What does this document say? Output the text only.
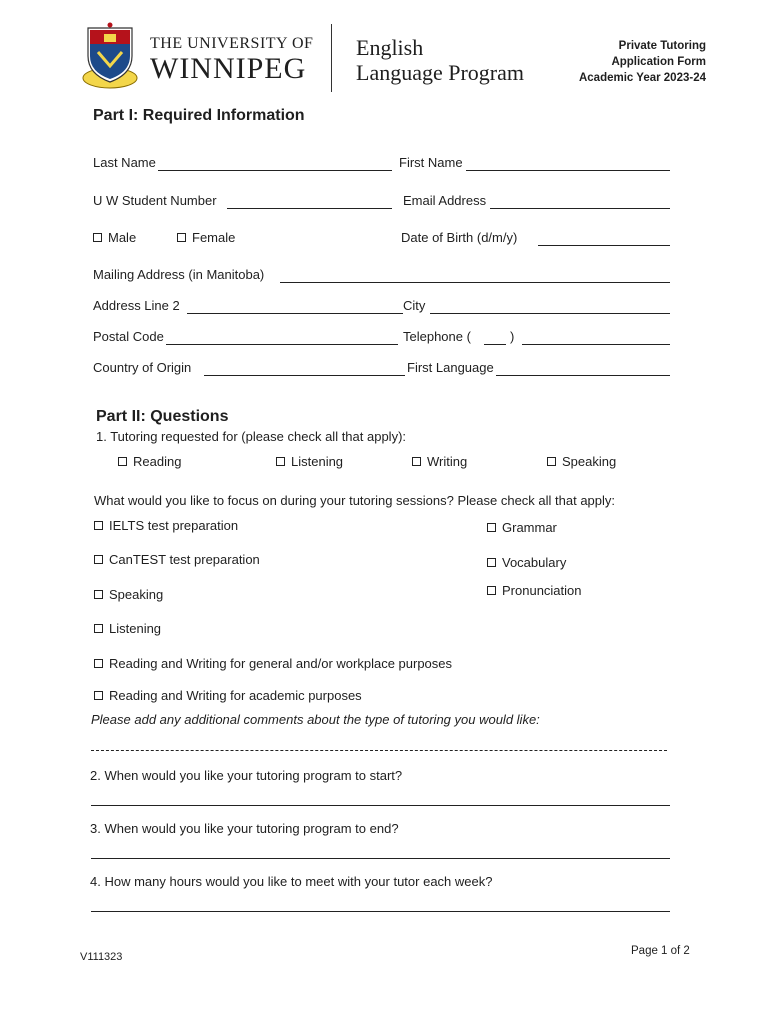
THE UNIVERSITY OF
WINNIPEG
English
Language Program
Private Tutoring
Application Form
Academic Year 2023-24
Part I: Required Information
Last Name	First Name
U W Student Number	Email Address
Male	Female	Date of Birth (d/m/y)
Mailing Address (in Manitoba)
Address Line 2	City
Postal Code	Telephone (	)
Country of Origin	First Language
Part II: Questions
1. Tutoring requested for (please check all that apply):
Reading	Listening	Writing	Speaking
What would you like to focus on during your tutoring sessions? Please check all that apply:
IELTS test preparation
CanTEST test preparation
Speaking
Listening
Reading and Writing for general and/or workplace purposes
Reading and Writing for academic purposes
Grammar
Vocabulary
Pronunciation
Please add any additional comments about the type of tutoring you would like:
2. When would you like your tutoring program to start?
3. When would you like your tutoring program to end?
4. How many hours would you like to meet with your tutor each week?
V111323	Page 1 of 2
